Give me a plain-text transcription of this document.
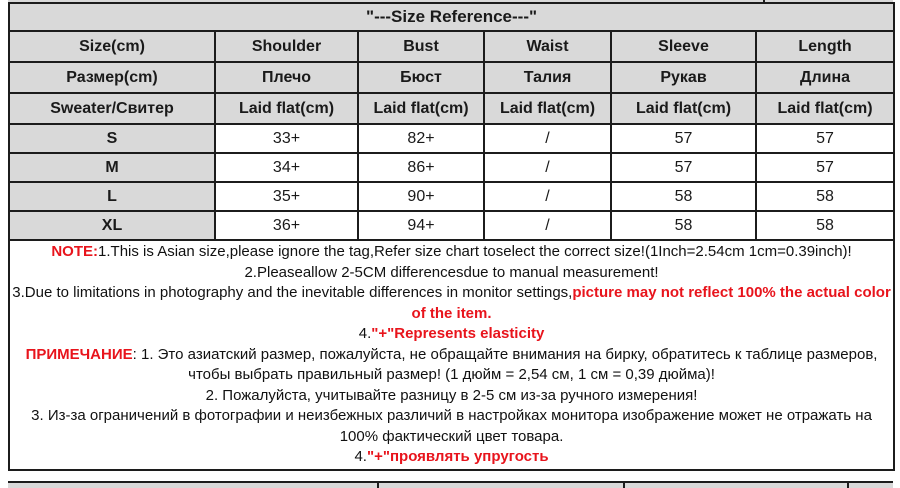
"---Size Reference---"					
Size(cm)	Shoulder	Bust	Waist	Sleeve	Length
Размер(cm)	Плечо	Бюст	Талия	Рукав	Длина
Sweater/Свитер	Laid flat(cm)	Laid flat(cm)	Laid flat(cm)	Laid flat(cm)	Laid flat(cm)
S	33+	82+	/	57	57
M	34+	86+	/	57	57
L	35+	90+	/	58	58
XL	36+	94+	/	58	58

NOTE:1.This is Asian size,please ignore the tag,Refer size chart toselect the correct size!(1Inch=2.54cm 1cm=0.39inch)!
2.Pleaseallow 2-5CM differencesdue to manual measurement!
3.Due to limitations in photography and the inevitable differences in monitor settings,picture may not reflect 100% the actual color of the item.
4."+"Represents elasticity
ПРИМЕЧАНИЕ: 1. Это азиатский размер, пожалуйста, не обращайте внимания на бирку, обратитесь к таблице размеров, чтобы выбрать правильный размер! (1 дюйм = 2,54 см, 1 см = 0,39 дюйма)!
2. Пожалуйста, учитывайте разницу в 2-5 см из-за ручного измерения!
3. Из-за ограничений в фотографии и неизбежных различий в настройках монитора изображение может не отражать на 100% фактический цвет товара.
4."+"проявлять упругость
